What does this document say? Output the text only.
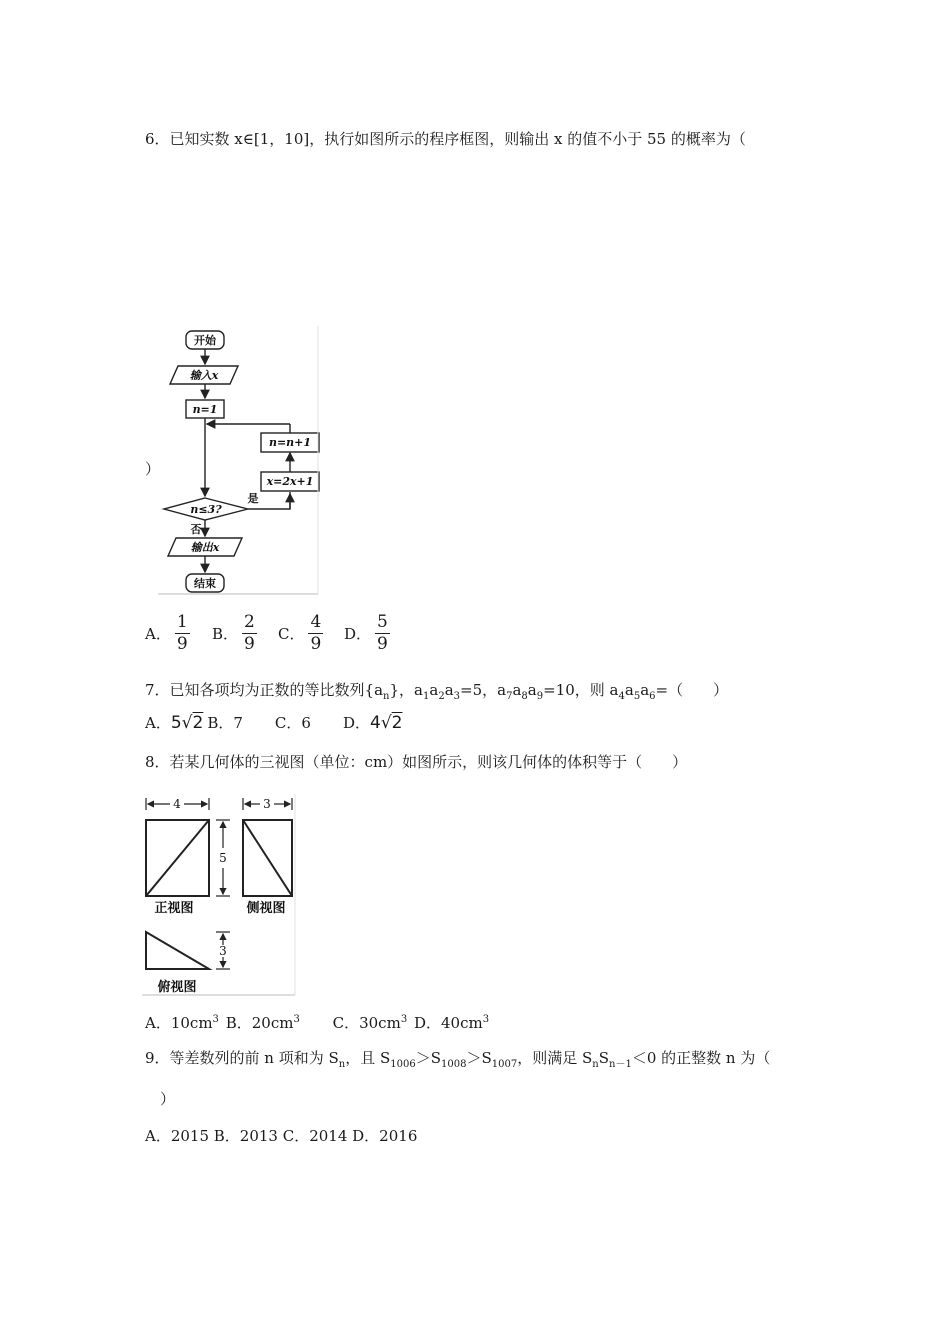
6．已知实数 x∈[1，10]，执行如图所示的程序框图，则输出 x 的值不小于 55 的概率为（
开始
输入x
n=1
n=n+1
x=2x+1
n≤3?
是
否
输出x
结束
）
A． $\frac{1}{9}$ B． $\frac{2}{9}$ C． $\frac{4}{9}$ D． $\frac{5}{9}$
7．已知各项均为正数的等比数列$\{a_n\}$，$a_1a_2a_3=5$，$a_7a_8a_9=10$，则 $a_4a_5a_6=$（　　）
A．5√2 B．7 C．6 D．4√2
8．若某几何体的三视图（单位：cm）如图所示，则该几何体的体积等于（　　）
4	3
5
3
正视图	侧视图
俯视图
A．$10cm^3$ B．$20cm^3$ C．$30cm^3$ D．$40cm^3$
9．等差数列的前 n 项和为 $S_n$，且 $S_{1006}>S_{1008}>S_{1007}$，则满足 $S_nS_{n-1}<0$ 的正整数 n 为（
）
A．2015 B．2013 C．2014 D．2016
